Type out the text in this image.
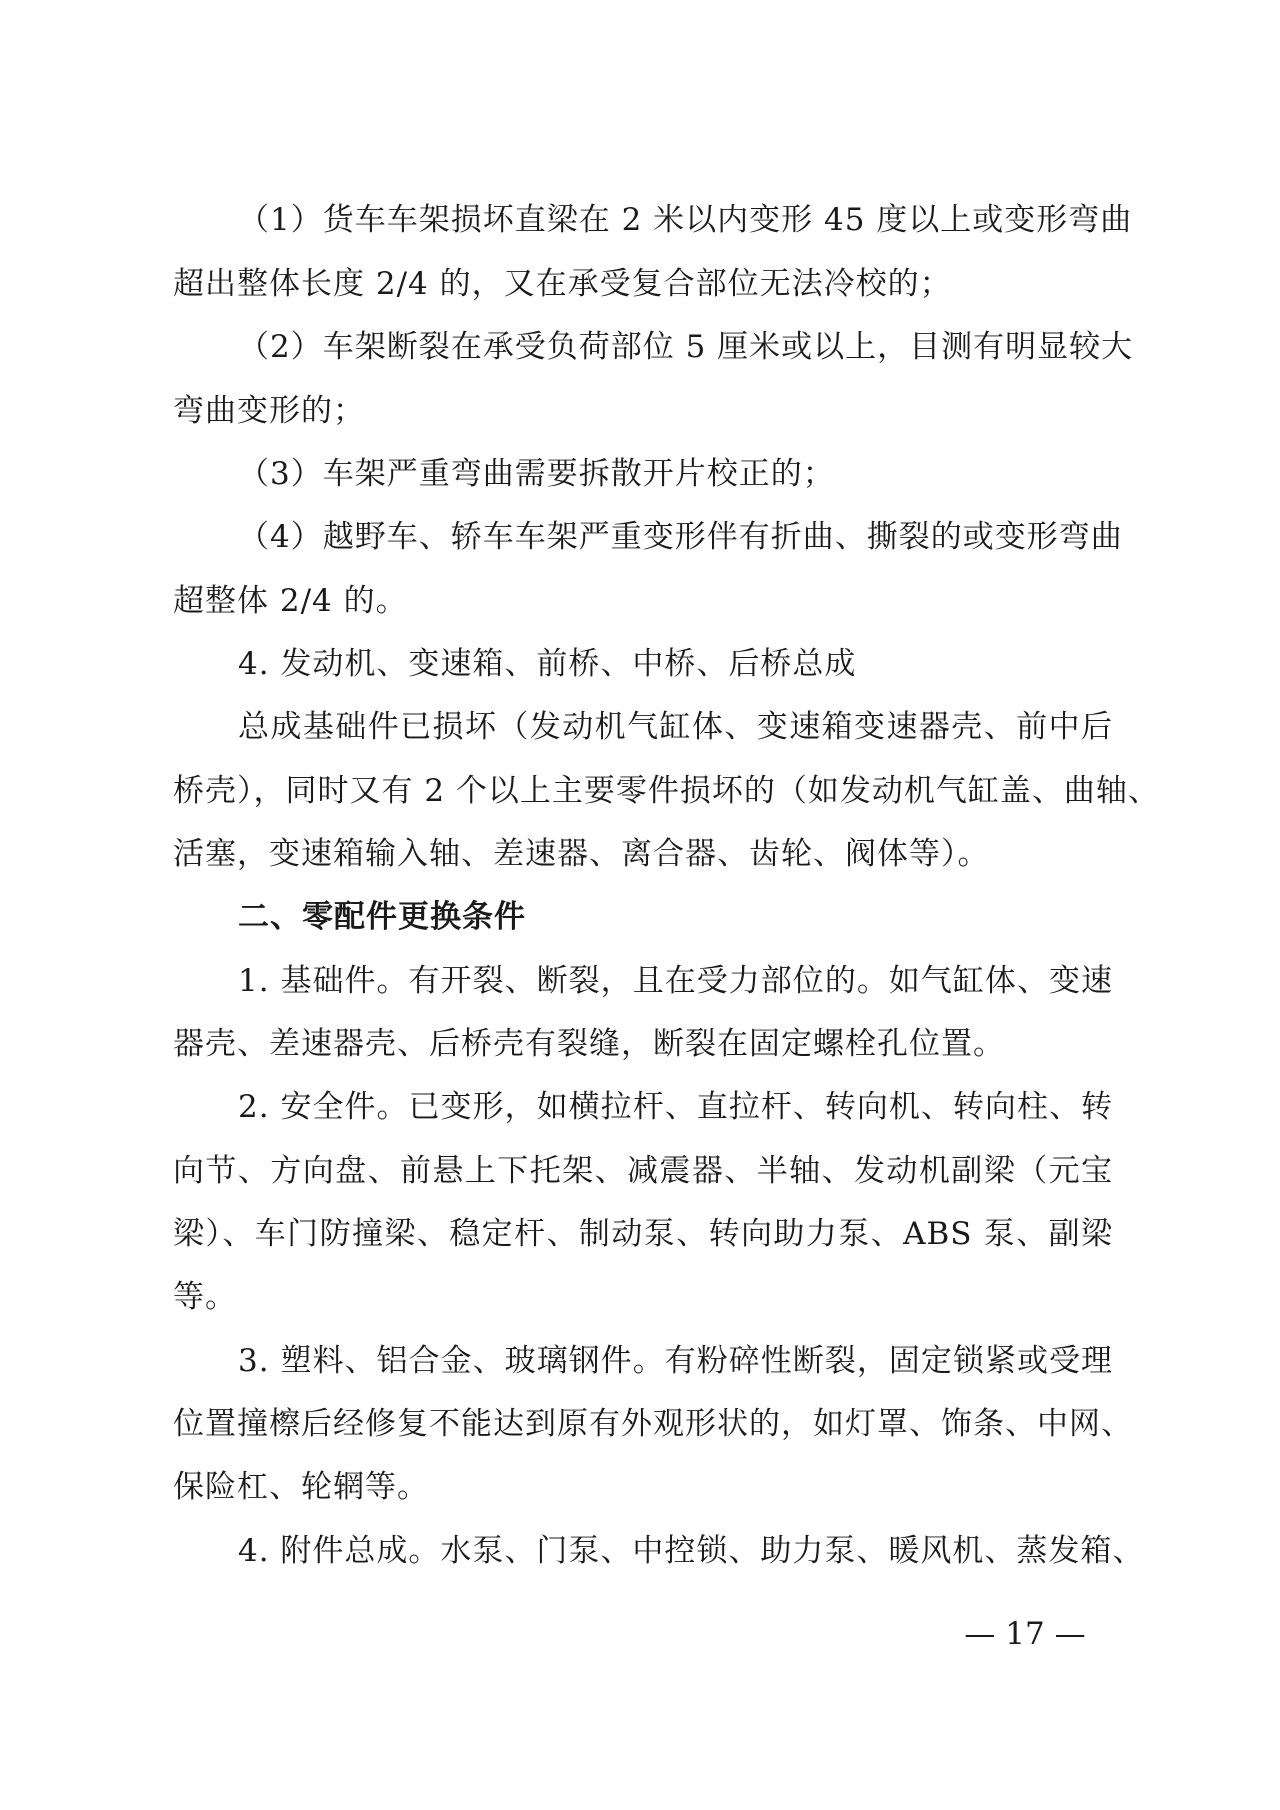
（1）货车车架损坏直梁在 2 米以内变形 45 度以上或变形弯曲
超出整体长度 2/4 的，又在承受复合部位无法冷校的；
（2）车架断裂在承受负荷部位 5 厘米或以上，目测有明显较大
弯曲变形的；
（3）车架严重弯曲需要拆散开片校正的；
（4）越野车、轿车车架严重变形伴有折曲、撕裂的或变形弯曲
超整体 2/4 的。
4. 发动机、变速箱、前桥、中桥、后桥总成
总成基础件已损坏（发动机气缸体、变速箱变速器壳、前中后
桥壳），同时又有 2 个以上主要零件损坏的（如发动机气缸盖、曲轴、
活塞，变速箱输入轴、差速器、离合器、齿轮、阀体等）。
二、零配件更换条件
1. 基础件。有开裂、断裂，且在受力部位的。如气缸体、变速
器壳、差速器壳、后桥壳有裂缝，断裂在固定螺栓孔位置。
2. 安全件。已变形，如横拉杆、直拉杆、转向机、转向柱、转
向节、方向盘、前悬上下托架、减震器、半轴、发动机副梁（元宝
梁）、车门防撞梁、稳定杆、制动泵、转向助力泵、ABS 泵、副梁
等。
3. 塑料、铝合金、玻璃钢件。有粉碎性断裂，固定锁紧或受理
位置撞檫后经修复不能达到原有外观形状的，如灯罩、饰条、中网、
保险杠、轮辋等。
4. 附件总成。水泵、门泵、中控锁、助力泵、暖风机、蒸发箱、
— 17 —
